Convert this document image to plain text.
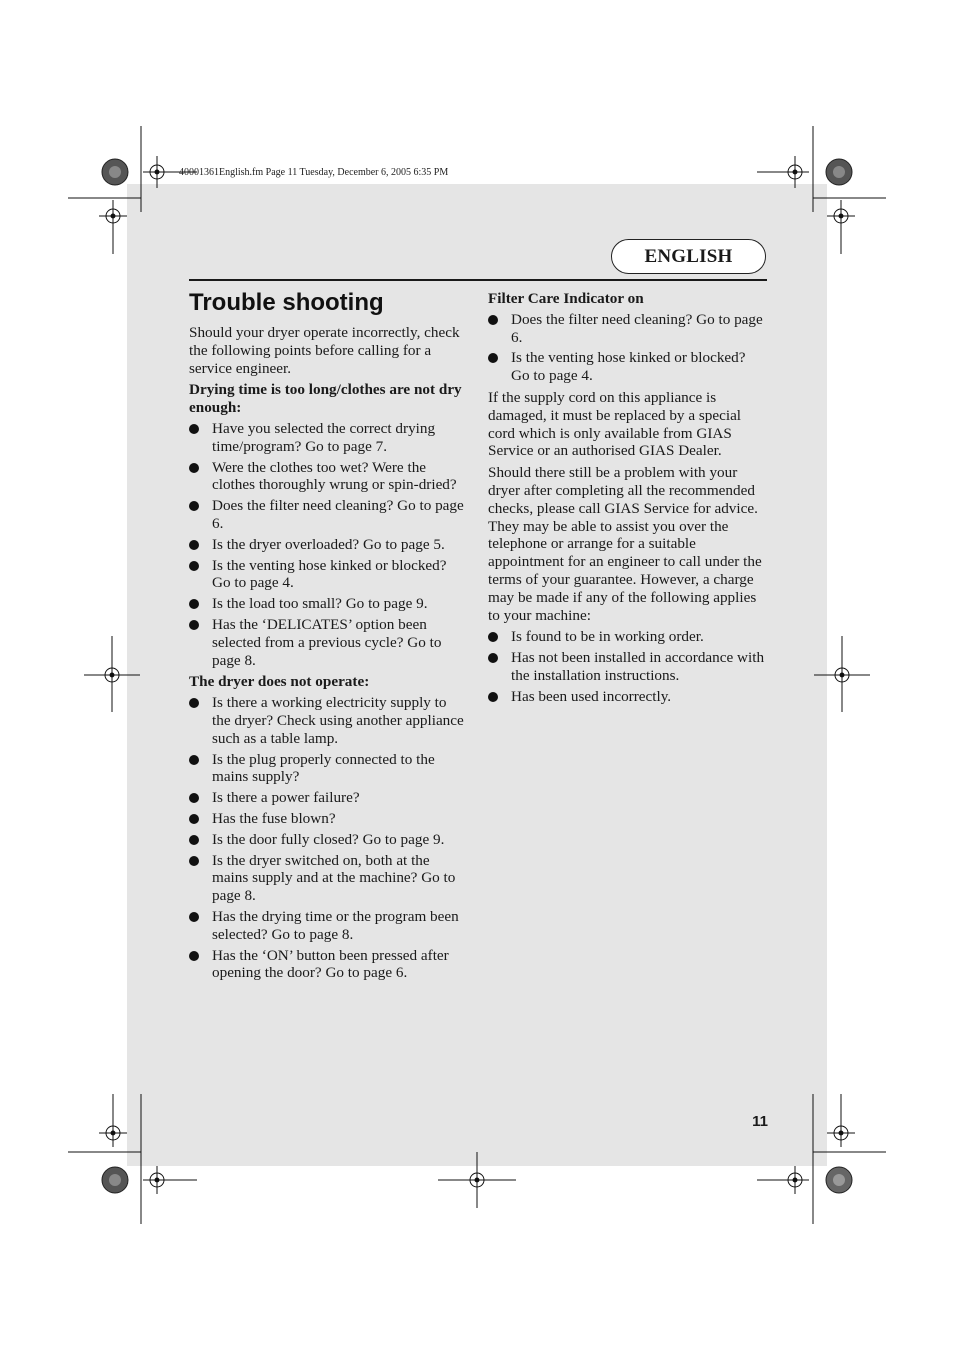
40001361English.fm Page 11 Tuesday, December 6, 2005 6:35 PM
ENGLISH
Trouble shooting

Should your dryer operate incorrectly, check the following points before calling for a service engineer.

Drying time is too long/clothes are not dry enough:

Have you selected the correct drying time/program? Go to page 7.
Were the clothes too wet? Were the clothes thoroughly wrung or spin-dried?
Does the filter need cleaning? Go to page 6.
Is the dryer overloaded? Go to page 5.
Is the venting hose kinked or blocked? Go to page 4.
Is the load too small? Go to page 9.
Has the ‘DELICATES’ option been selected from a previous cycle? Go to page 8.

The dryer does not operate:

Is there a working electricity supply to the dryer? Check using another appliance such as a table lamp.
Is the plug properly connected to the mains supply?
Is there a power failure?
Has the fuse blown?
Is the door fully closed? Go to page 9.
Is the dryer switched on, both at the mains supply and at the machine? Go to page 8.
Has the drying time or the program been selected? Go to page 8.
Has the ‘ON’ button been pressed after opening the door? Go to page 6.

Filter Care Indicator on

Does the filter need cleaning? Go to page 6.
Is the venting hose kinked or blocked? Go to page 4.

If the supply cord on this appliance is damaged, it must be replaced by a special cord which is only available from GIAS Service or an authorised GIAS Dealer.

Should there still be a problem with your dryer after completing all the recommended checks, please call GIAS Service for advice. They may be able to assist you over the telephone or arrange for a suitable appointment for an engineer to call under the terms of your guarantee. However, a charge may be made if any of the following applies to your machine:

Is found to be in working order.
Has not been installed in accordance with the installation instructions.
Has been used incorrectly.
11
